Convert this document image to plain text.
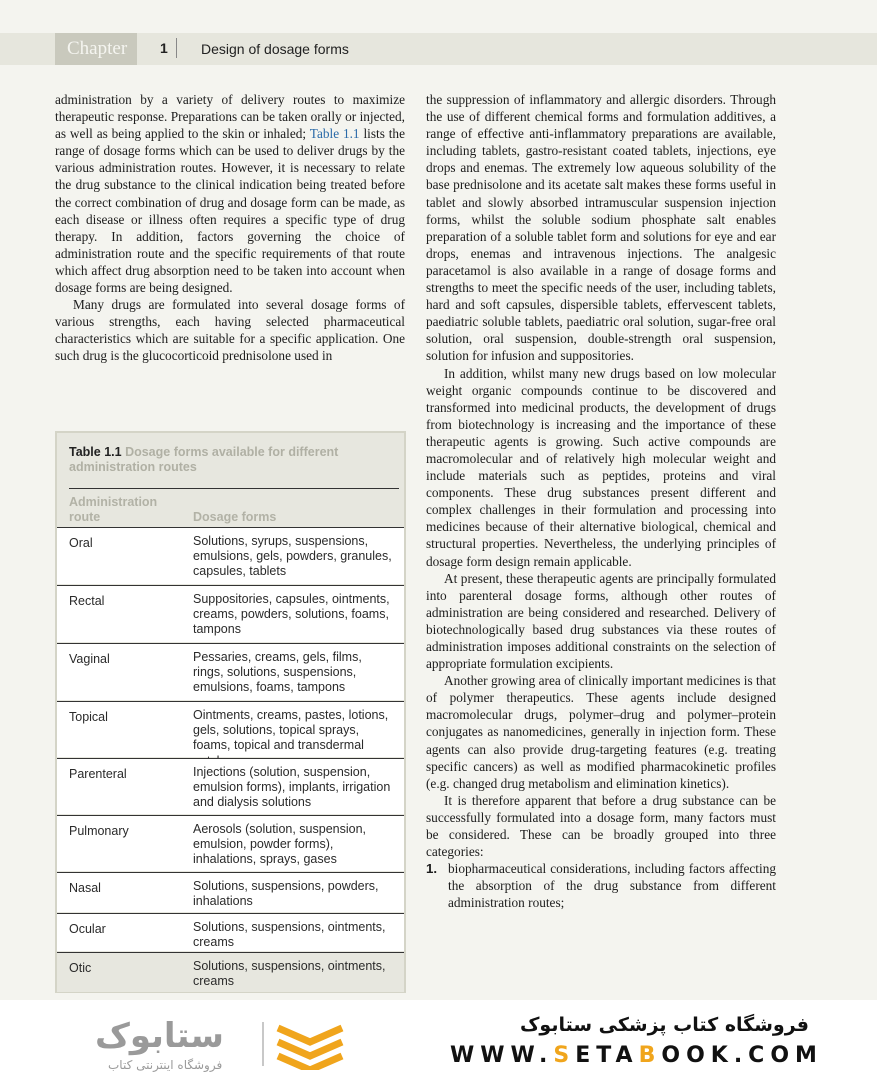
Chapter	1 Design of dosage forms

administration by a variety of delivery routes to maximize therapeutic response. Preparations can be taken orally or injected, as well as being applied to the skin or inhaled; Table 1.1 lists the range of dosage forms which can be used to deliver drugs by the various administration routes. However, it is necessary to relate the drug substance to the clinical indication being treated before the correct combination of drug and dosage form can be made, as each disease or illness often requires a specific type of drug therapy. In addition, factors governing the choice of administration route and the specific requirements of that route which affect drug absorption need to be taken into account when dosage forms are being designed.

Many drugs are formulated into several dosage forms of various strengths, each having selected pharmaceutical characteristics which are suitable for a specific application. One such drug is the glucocorticoid prednisolone used in

Table 1.1 Dosage forms available for different administration routes
Administration route	Dosage forms
Oral	Solutions, syrups, suspensions, emulsions, gels, powders, granules, capsules, tablets
Rectal	Suppositories, capsules, ointments, creams, powders, solutions, foams, tampons
Vaginal	Pessaries, creams, gels, films, rings, solutions, suspensions, emulsions, foams, tampons
Topical	Ointments, creams, pastes, lotions, gels, solutions, topical sprays, foams, topical and transdermal
Parenteral	Injections (solution, suspension, emulsion forms), implants, irrigation and dialysis solutions
Pulmonary	Aerosols (solution, suspension, emulsion, powder forms), inhalations, sprays, gases
Nasal	Solutions, suspensions, powders, inhalations
Ocular	Solutions, suspensions, ointments, creams
Otic	Solutions, suspensions, ointments, creams

the suppression of inflammatory and allergic disorders. Through the use of different chemical forms and formulation additives, a range of effective anti-inflammatory preparations are available, including tablets, gastro-resistant coated tablets, injections, eye drops and enemas. The extremely low aqueous solubility of the base prednisolone and its acetate salt makes these forms useful in tablet and slowly absorbed intramuscular suspension injection forms, whilst the soluble sodium phosphate salt enables preparation of a soluble tablet form and solutions for eye and ear drops, enemas and intravenous injections. The analgesic paracetamol is also available in a range of dosage forms and strengths to meet the specific needs of the user, including tablets, hard and soft capsules, dispersible tablets, effervescent tablets, paediatric soluble tablets, paediatric oral solution, sugar-free oral solution, oral suspension, double-strength oral suspension, solution for infusion and suppositories.

In addition, whilst many new drugs based on low molecular weight organic compounds continue to be discovered and transformed into medicinal products, the development of drugs from biotechnology is increasing and the importance of these therapeutic agents is growing. Such active compounds are macromolecular and of relatively high molecular weight and include materials such as peptides, proteins and viral components. These drug substances present different and complex challenges in their formulation and processing into medicines because of their alternative biological, chemical and structural properties. Nevertheless, the underlying principles of dosage form design remain applicable.

At present, these therapeutic agents are principally formulated into parenteral dosage forms, although other routes of administration are being considered and researched. Delivery of biotechnologically based drug substances via these routes of administration imposes additional constraints on the selection of appropriate formulation excipients.

Another growing area of clinically important medicines is that of polymer therapeutics. These agents include designed macromolecular drugs, polymer–drug and polymer–protein conjugates as nanomedicines, generally in injection form. These agents can also provide drug-targeting features (e.g. treating specific cancers) as well as modified pharmacokinetic profiles (e.g. changed drug metabolism and elimination kinetics).

It is therefore apparent that before a drug substance can be successfully formulated into a dosage form, many factors must be considered. These can be broadly grouped into three categories:

1. biopharmaceutical considerations, including factors affecting the absorption of the drug substance from different administration routes;
ستابوک
فروشگاه اینترنتی کتاب
فروشگاه کتاب پزشکی ستابوک
WWW.SETABOOK.COM
